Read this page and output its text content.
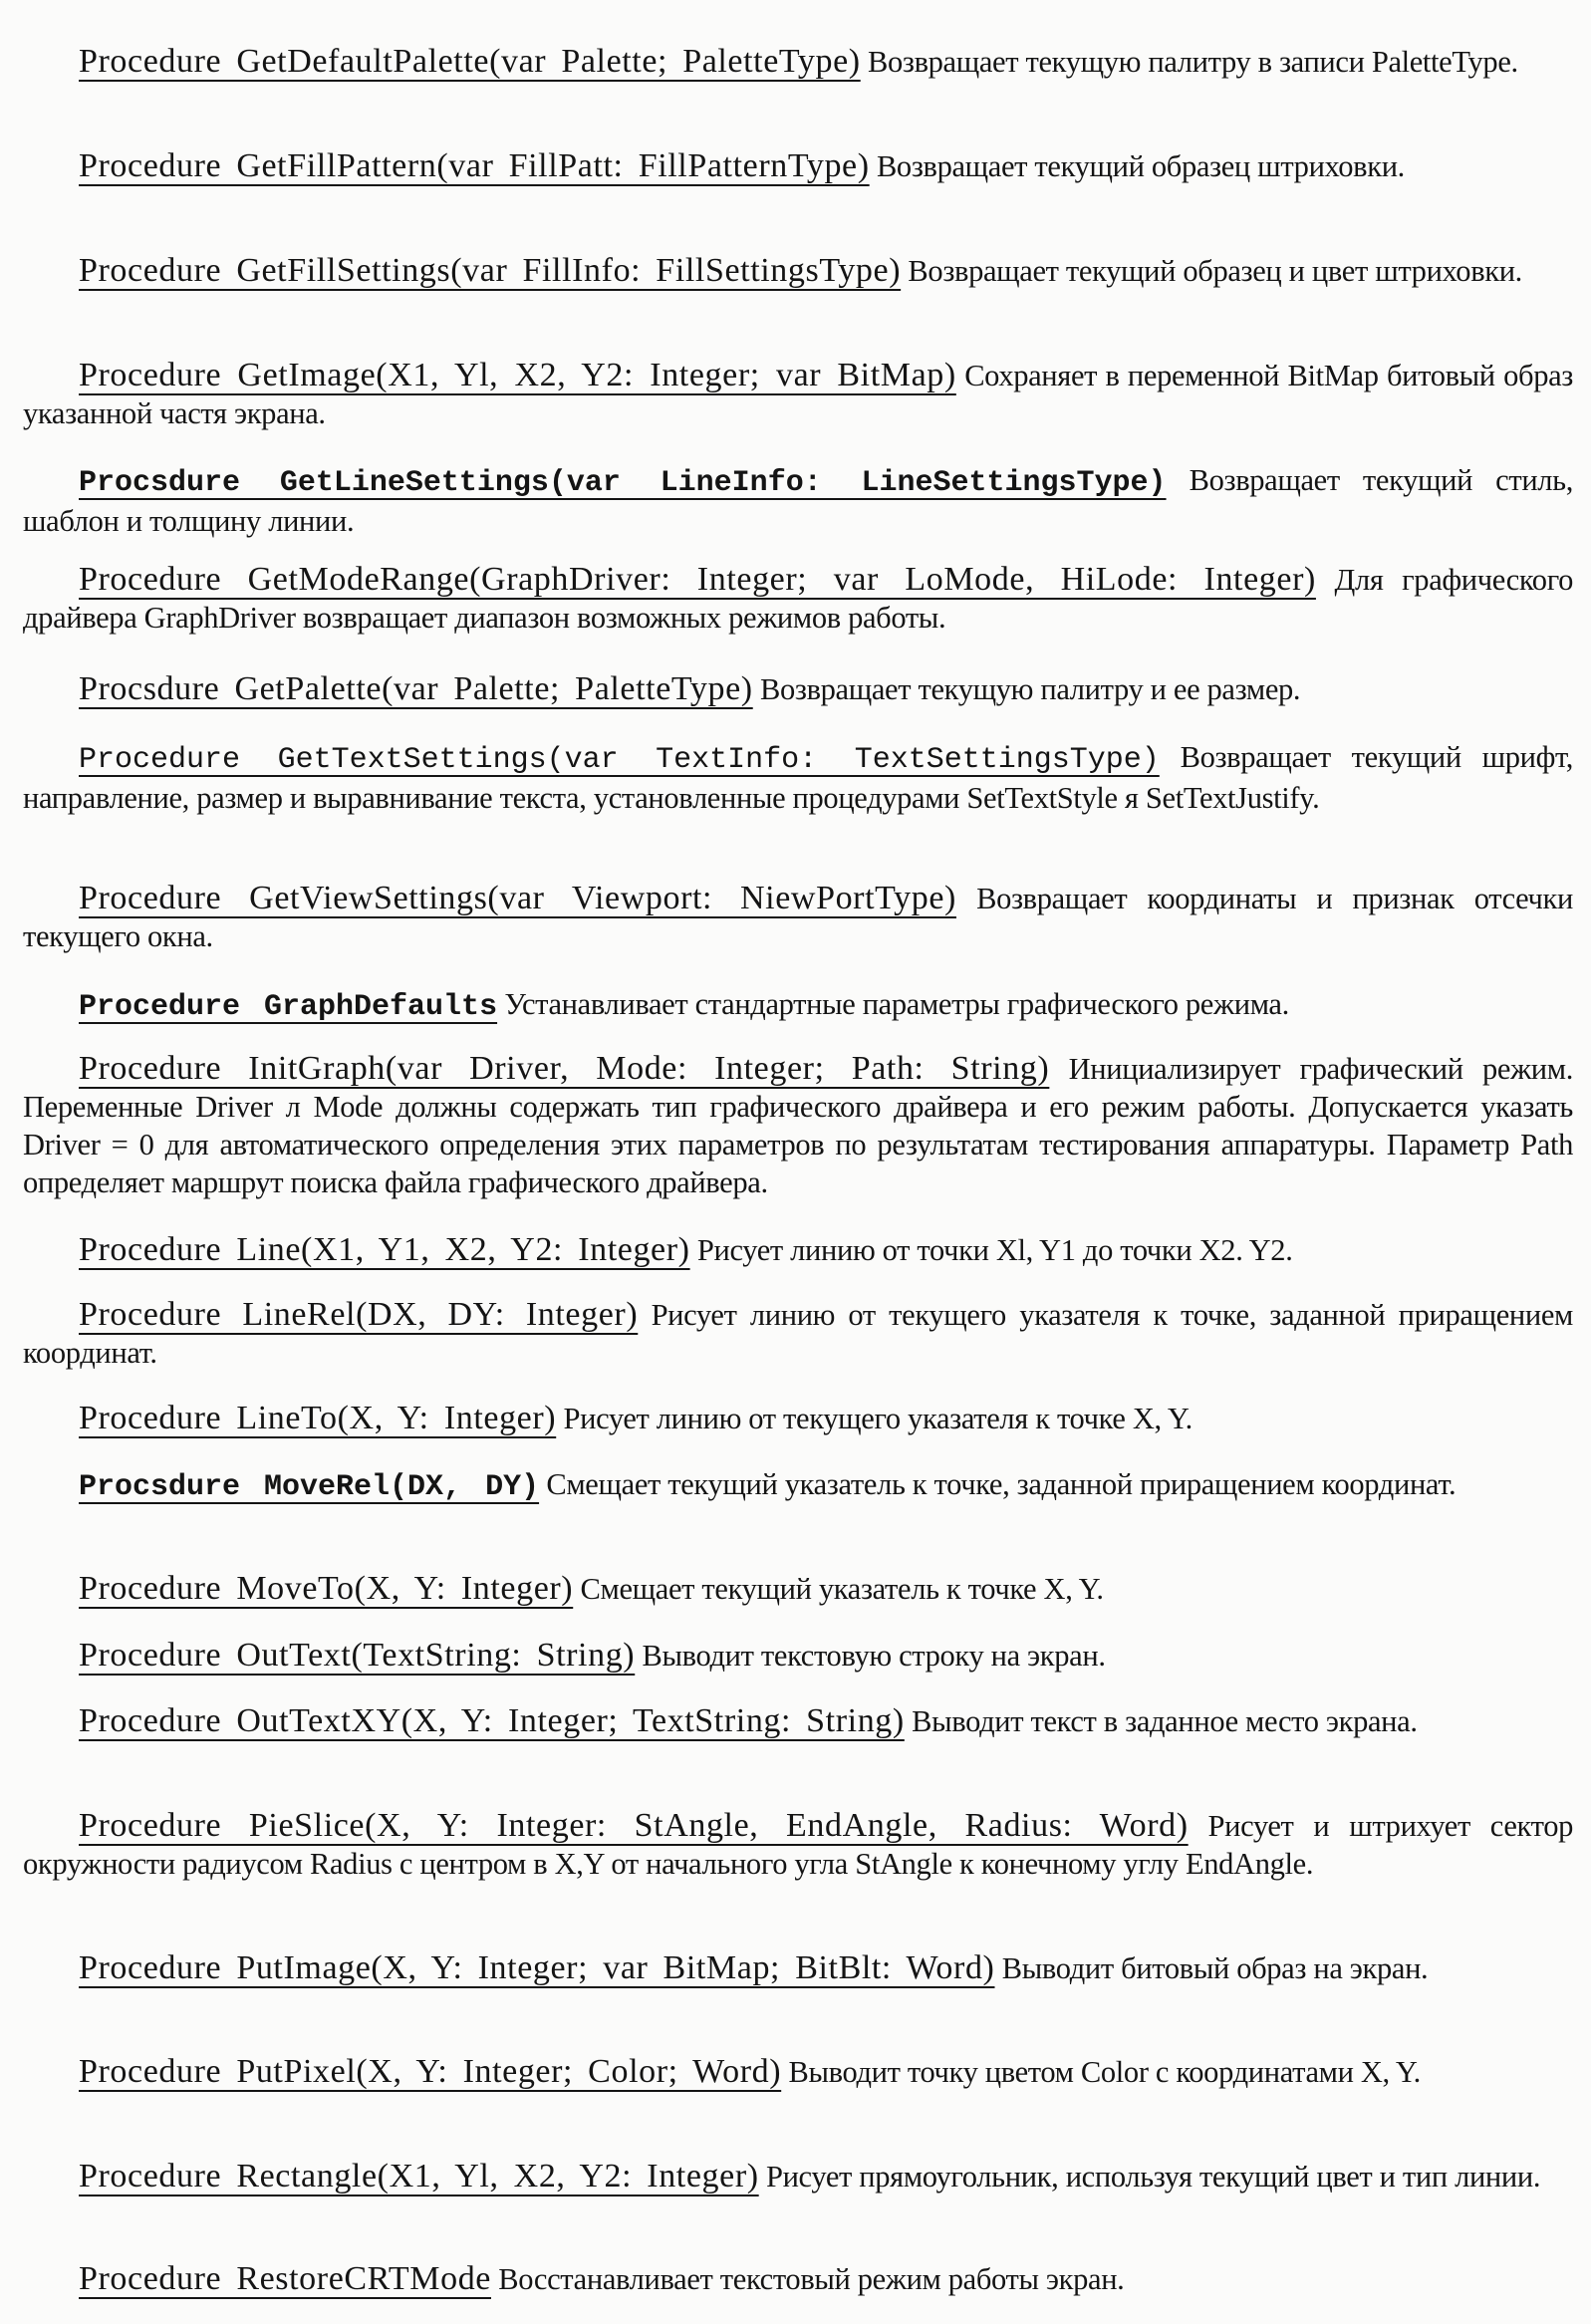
Procedure GetDefaultPalette(var Palette; PaletteType) Возвращает текущую палитру в записи PaletteType.

Procedure GetFillPattern(var FillPatt: FillPatternType) Возвращает текущий образец штриховки.

Procedure GetFillSettings(var FillInfo: FillSettingsType) Возвращает текущий образец и цвет штриховки.

Procedure GetImage(X1, Yl, X2, Y2: Integer; var BitMap) Сохраняет в переменной BitMap битовый образ указанной частя экрана.

Procsdure GetLineSettings(var LineInfo: LineSettingsType) Возвращает текущий стиль, шаблон и толщину линии.

Procedure GetModeRange(GraphDriver: Integer; var LoMode, HiLode: Integer) Для графического драйвера GraphDriver возвращает диапазон возможных режимов работы.

Procsdure GetPalette(var Palette; PaletteType) Возвращает текущую палитру и ее размер.

Procedure GetTextSettings(var TextInfo: TextSettingsType) Возвращает текущий шрифт, направление, размер и выравнивание текста, установленные процедурами SetTextStyle я SetTextJustify.

Procedure GetViewSettings(var Viewport: NiewPortType) Возвращает координаты и признак отсечки текущего окна.

Procedure GraphDefaults Устанавливает стандартные параметры графического режима.

Procedure InitGraph(var Driver, Mode: Integer; Path: String) Инициализирует графический режим. Переменные Driver л Mode должны содержать тип графического драйвера и его режим работы. Допускается указать Driver = 0 для автоматического определения этих параметров по результатам тестирования аппаратуры. Параметр Path определяет маршрут поиска файла графического драйвера.

Procedure Line(X1, Y1, X2, Y2: Integer) Рисует линию от точки Xl, Y1 до точки X2. Y2.

Procedure LineRel(DX, DY: Integer) Рисует линию от текущего указателя к точке, заданной приращением координат.

Procedure LineTo(X, Y: Integer) Рисует линию от текущего указателя к точке X, Y.

Procsdure MoveRel(DX, DY) Смещает текущий указатель к точке, заданной приращением координат.

Procedure MoveTo(X, Y: Integer) Смещает текущий указатель к точке X, Y.

Procedure OutText(TextString: String) Выводит текстовую строку на экран.

Procedure OutTextXY(X, Y: Integer; TextString: String) Выводит текст в заданное место экрана.

Procedure PieSlice(X, Y: Integer: StAngle, EndAngle, Radius: Word) Рисует и штрихует сектор окружности радиусом Radius с центром в X,Y от начального угла StAngle к конечному углу EndAngle.

Procedure PutImage(X, Y: Integer; var BitMap; BitBlt: Word) Выводит битовый образ на экран.

Procedure PutPixel(X, Y: Integer; Color; Word) Выводит точку цветом Color с координатами X, Y.

Procedure Rectangle(X1, Yl, X2, Y2: Integer) Рисует прямоугольник, используя текущий цвет и тип линии.

Procedure RestoreCRTMode Восстанавливает текстовый режим работы экран.
